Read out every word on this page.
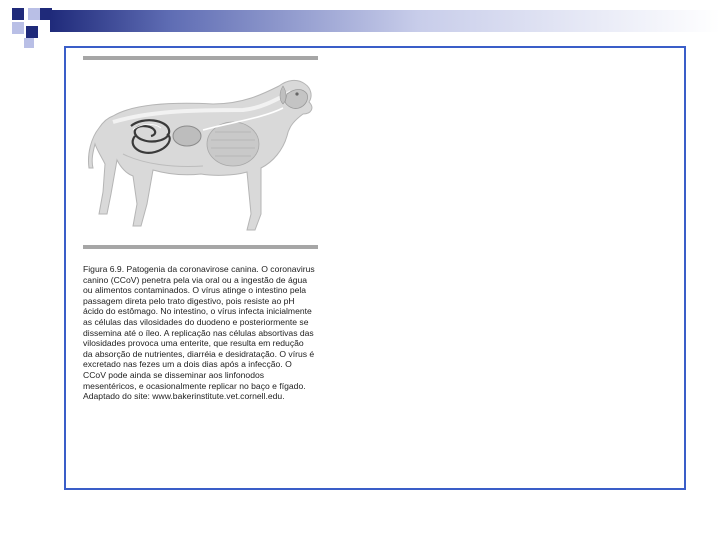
Figura 6.9. Patogenia da coronavirose canina. O coronavirus canino (CCoV) penetra pela via oral ou a ingestão de água ou alimentos contaminados. O vírus atinge o intestino pela passagem direta pelo trato digestivo, pois resiste ao pH ácido do estômago. No intestino, o vírus infecta inicialmente as células das vilosidades do duodeno e posteriormente se dissemina até o íleo. A replicação nas células absortivas das vilosidades provoca uma enterite, que resulta em redução da absorção de nutrientes, diarréia e desidratação. O vírus é excretado nas fezes um a dois dias após a infecção. O CCoV pode ainda se disseminar aos linfonodos mesentéricos, e ocasionalmente replicar no baço e fígado. Adaptado do site: www.bakerinstitute.vet.cornell.edu.
